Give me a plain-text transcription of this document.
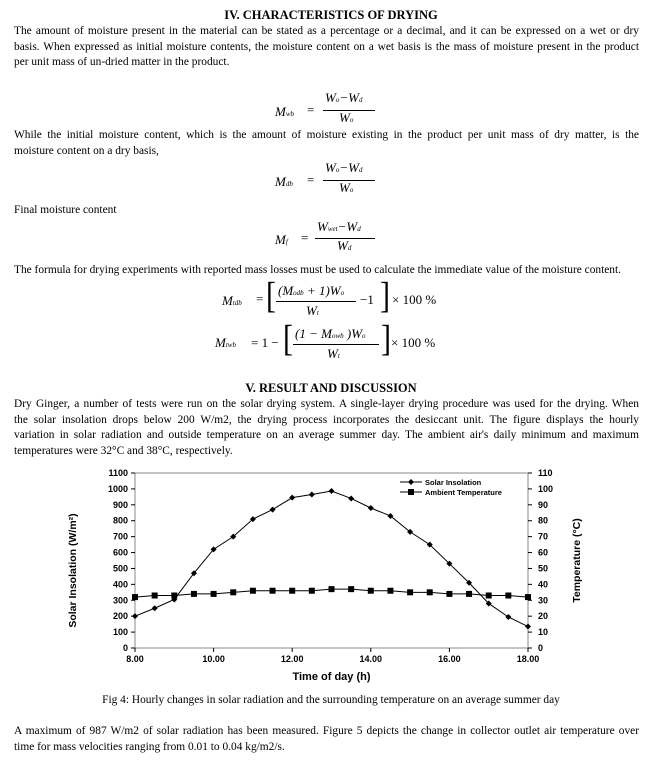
IV. CHARACTERISTICS OF DRYING
The amount of moisture present in the material can be stated as a percentage or a decimal, and it can be expressed on a wet or dry
basis. When expressed as initial moisture contents, the moisture content on a wet basis is the mass of moisture present in the product
per unit mass of un-dried matter in the product.
Mwb =
Wo−Wd
Wo
While the initial moisture content, which is the amount of moisture existing in the product per unit mass of dry matter, is the
moisture content on a dry basis,
Mdb =
Wo−Wd
Wo
Final moisture content
Mf =
Wwet−Wd
Wd
The formula for drying experiments with reported mass losses must be used to calculate the immediate value of the moisture content.
Mtdb = [ (Modb + 1)Wo
Wt
−1 ] × 100 %
Mtwb = 1 − [ (1 − Mowb )Wo
Wt ] × 100 %
V. RESULT AND DISCUSSION
Dry Ginger, a number of tests were run on the solar drying system. A single-layer drying procedure was used for the drying. When
the solar insolation drops below 200 W/m2, the drying process incorporates the desiccant unit. The figure displays the hourly
variation in solar radiation and outside temperature on an average summer day. The ambient air's daily minimum and maximum
temperatures were 32°C and 38°C, respectively.
0
100
200
300
400
500
600
700
800
900
1000
1100
0
10
20
30
40
50
60
70
80
90
100
110
8.00	10.00	12.00	14.00	16.00	18.00
Time of day (h)
Solar Insolation (W/m²)	Temperature (°C)
Solar Insolation
Ambient Temperature
Fig 4: Hourly changes in solar radiation and the surrounding temperature on an average summer day
A maximum of 987 W/m2 of solar radiation has been measured. Figure 5 depicts the change in collector outlet air temperature over
time for mass velocities ranging from 0.01 to 0.04 kg/m2/s.
